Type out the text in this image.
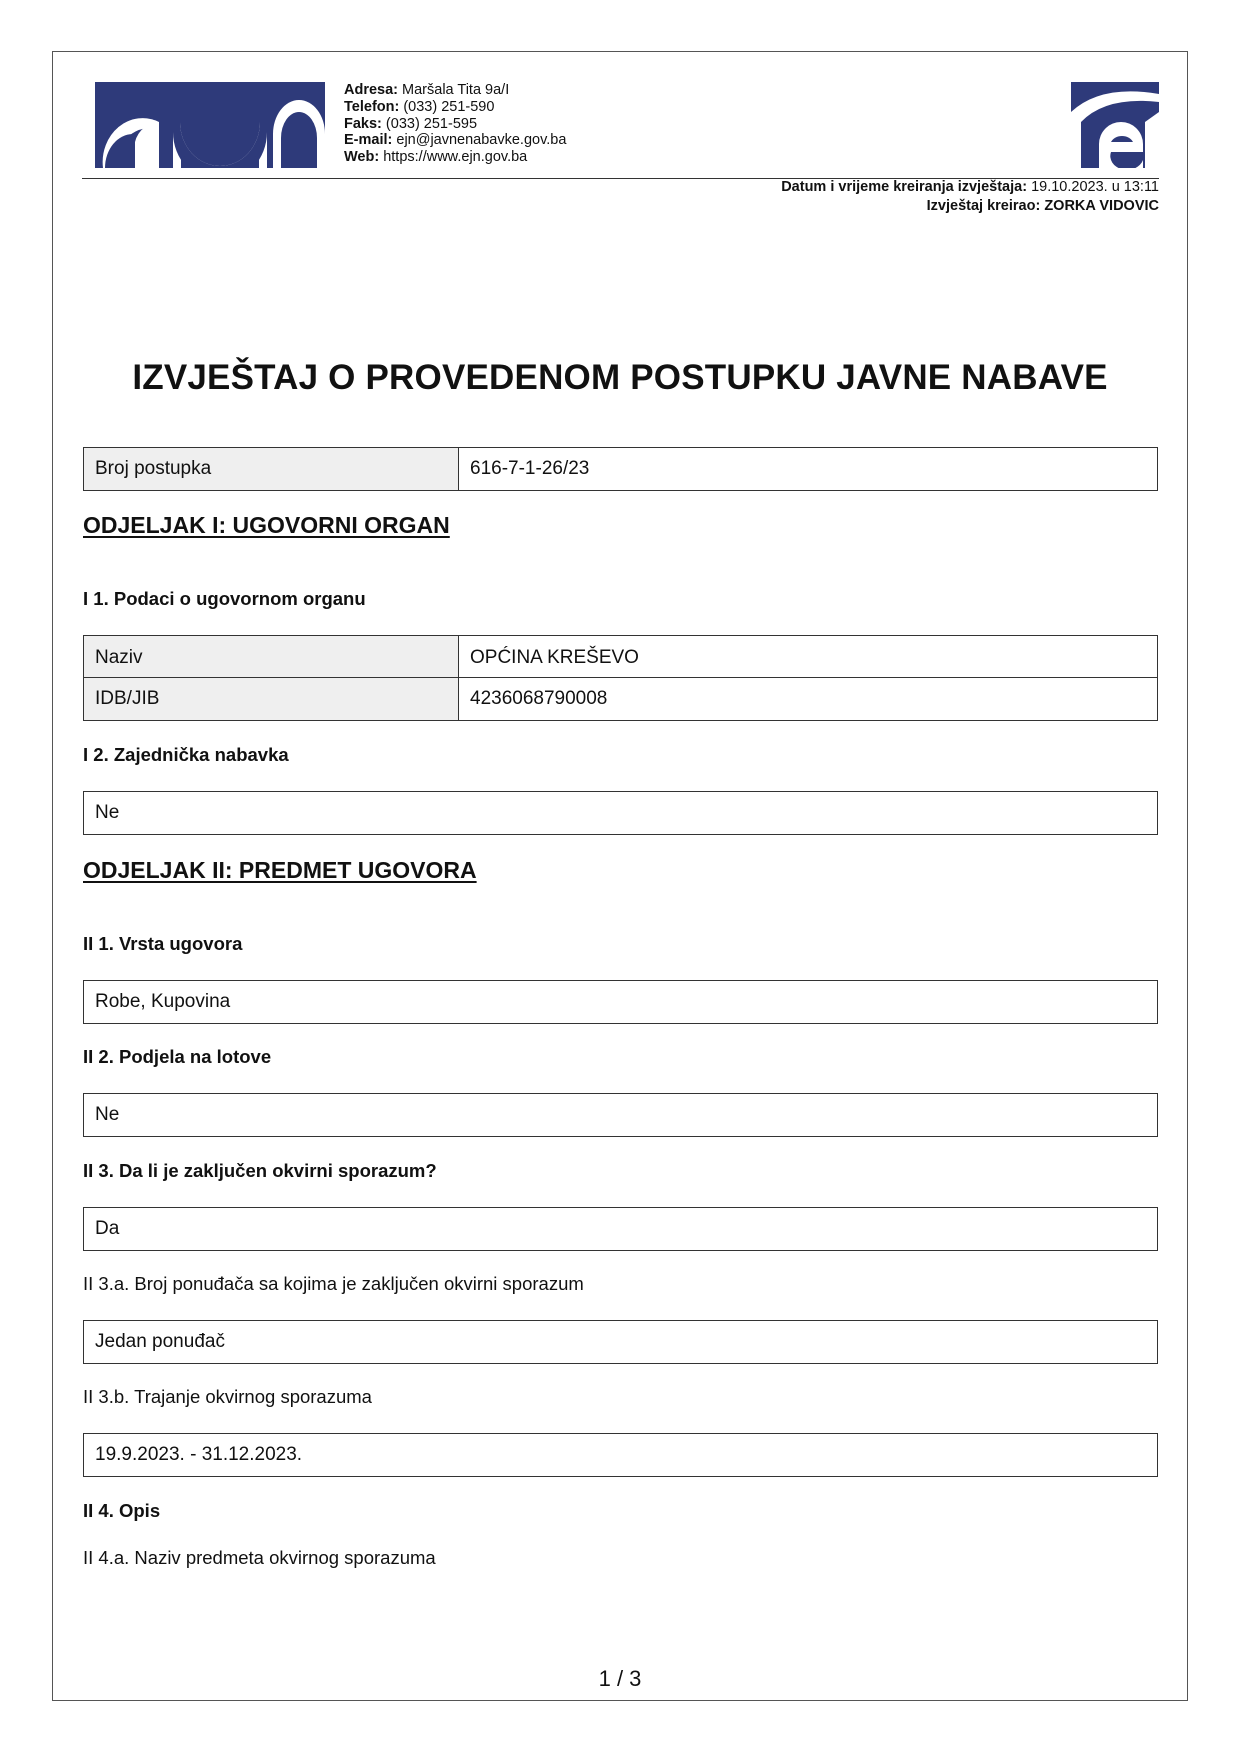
Adresa: Maršala Tita 9a/I
Telefon: (033) 251-590
Faks: (033) 251-595
E-mail: ejn@javnenabavke.gov.ba
Web: https://www.ejn.gov.ba
Datum i vrijeme kreiranja izvještaja: 19.10.2023. u 13:11
Izvještaj kreirao: ZORKA VIDOVIC
IZVJEŠTAJ O PROVEDENOM POSTUPKU JAVNE NABAVE
Broj postupka	616-7-1-26/23
ODJELJAK I: UGOVORNI ORGAN
I 1. Podaci o ugovornom organu
Naziv	OPĆINA KREŠEVO
IDB/JIB	4236068790008
I 2. Zajednička nabavka
Ne
ODJELJAK II: PREDMET UGOVORA
II 1. Vrsta ugovora
Robe, Kupovina
II 2. Podjela na lotove
Ne
II 3. Da li je zaključen okvirni sporazum?
Da
II 3.a. Broj ponuđača sa kojima je zaključen okvirni sporazum
Jedan ponuđač
II 3.b. Trajanje okvirnog sporazuma
19.9.2023. - 31.12.2023.
II 4. Opis
II 4.a. Naziv predmeta okvirnog sporazuma
1 / 3
